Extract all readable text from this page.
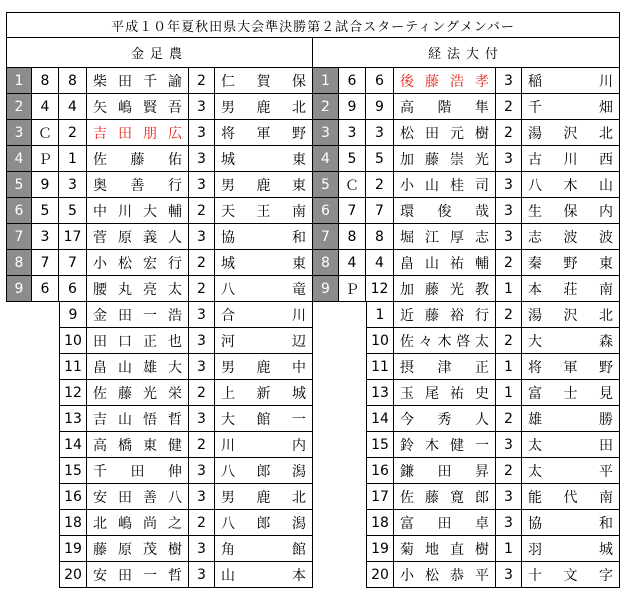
平成１０年夏秋田県大会準決勝第２試合スターティングメンバー
金足農
1	8	8	柴 田 千 諭	2	仁 賀 保
2	4	4	矢 嶋 賢 吾	3	男 鹿 北
3	Ｃ	2	吉 田 朋 広	3	将 軍 野
4	Ｐ	1	佐 藤 佑	3	城	東
5	9	3	奥 善 行	3	男 鹿 東
6	5	5	中 川 大 輔	2	天 王 南
7	3	17 菅 原 義 人	3	協	和
8	7	7	小 松 宏 行	2	城	東
9	6	6	腰 丸 亮 太	2	八	竜
9	金 田 一 浩	3	合	川
10 田 口 正 也	3	河	辺
11 畠 山 雄 大	3	男 鹿 中
12 佐 藤 光 栄	2	上 新 城
13 吉 山 悟 哲	3	大 館 一
14 高 橋 東 健	2	川	内
15 千 田 伸	3	八 郎 潟
16 安 田 善 八	3	男 鹿 北
18 北 嶋 尚 之	2	八 郎 潟
19 藤 原 茂 樹	3	角	館
20 安 田 一 哲	3	山	本
経法大付
1	6	6	後 藤 浩 孝	3	稲	川
2	9	9	高 階 隼	2	千	畑
3	3	3	松 田 元 樹	2	湯 沢 北
4	5	5	加 藤 崇 光	3	古 川 西
5	Ｃ	2	小 山 桂 司	3	八 木 山
6	7	7	環 俊 哉	3	生 保 内
7	8	8	堀 江 厚 志	3	志 波 波
8	4	4	畠 山 祐 輔	2	秦 野 東
9	Ｐ 12 加 藤 光 教	1	本 荘 南
1	近 藤 裕 行	2	湯 沢 北
10 佐 々 木 啓 太	2	大	森
11 摂 津 正	1	将 軍 野
13 玉 尾 祐 史	1	富 士 見
14 今 秀 人	2	雄	勝
15 鈴 木 健 一	3	太	田
16 鎌 田 昇	2	太	平
17 佐 藤 寛 郎	3	能 代 南
18 富 田 卓	3	協	和
19 菊 地 直 樹	1	羽	城
20 小 松 恭 平	3	十 文 字
